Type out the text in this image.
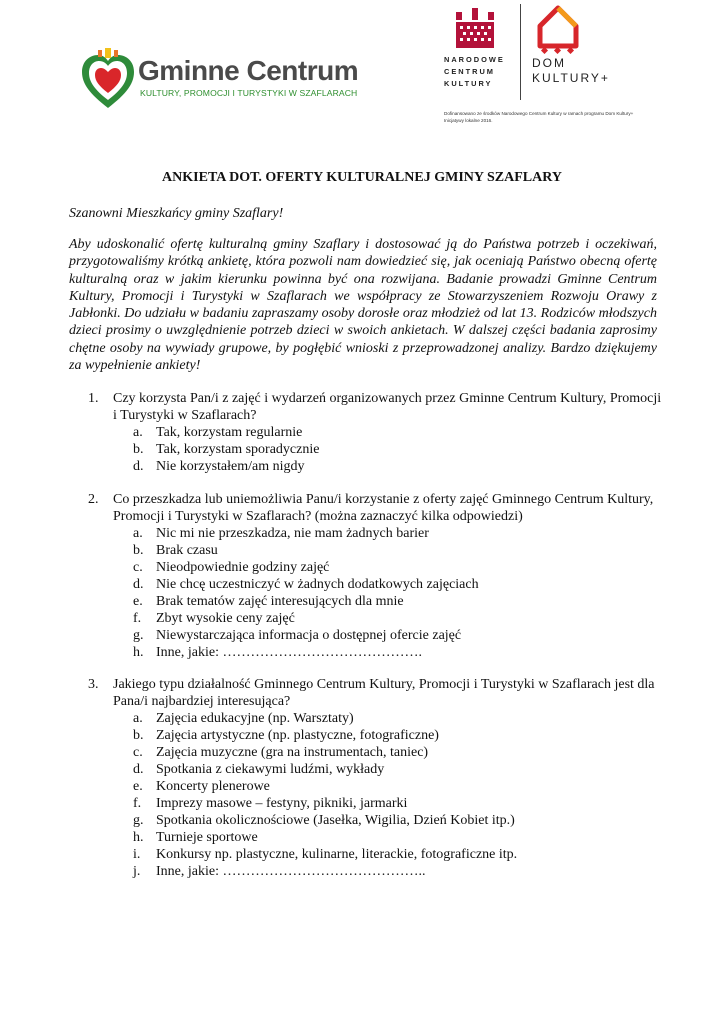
Gminne Centrum
KULTURY, PROMOCJI I TURYSTYKI W SZAFLARACH
NARODOWE
CENTRUM
KULTURY
DOM
KULTURY+
Dofinansowano ze środków Narodowego Centrum Kultury w ramach programu Dom Kultury+ Inicjatywy lokalne 2016.
ANKIETA DOT. OFERTY KULTURALNEJ GMINY SZAFLARY
Szanowni Mieszkańcy gminy Szaflary!

Aby udoskonalić ofertę kulturalną gminy Szaflary i dostosować ją do Państwa potrzeb i oczekiwań, przygotowaliśmy krótką ankietę, która pozwoli nam dowiedzieć się, jak oceniają Państwo obecną ofertę kulturalną oraz w jakim kierunku powinna być ona rozwijana. Badanie prowadzi Gminne Centrum Kultury, Promocji i Turystyki w Szaflarach we współpracy ze Stowarzyszeniem Rozwoju Orawy z Jabłonki. Do udziału w badaniu zapraszamy osoby dorosłe oraz młodzież od lat 13. Rodziców młodszych dzieci prosimy o uwzględnienie potrzeb dzieci w swoich ankietach. W dalszej części badania zaprosimy chętne osoby na wywiady grupowe, by pogłębić wnioski z przeprowadzonej analizy. Bardzo dziękujemy za wypełnienie ankiety!

1.	Czy korzysta Pan/i z zajęć i wydarzeń organizowanych przez Gminne Centrum Kultury, Promocji i Turystyki w Szaflarach?
a. Tak, korzystam regularnie
b. Tak, korzystam sporadycznie
d. Nie korzystałem/am nigdy
2.	Co przeszkadza lub uniemożliwia Panu/i korzystanie z oferty zajęć Gminnego Centrum Kultury, Promocji i Turystyki w Szaflarach? (można zaznaczyć kilka odpowiedzi)
a. Nic mi nie przeszkadza, nie mam żadnych barier
b. Brak czasu
c. Nieodpowiednie godziny zajęć
d. Nie chcę uczestniczyć w żadnych dodatkowych zajęciach
e. Brak tematów zajęć interesujących dla mnie
f.	Zbyt wysokie ceny zajęć
g. Niewystarczająca informacja o dostępnej ofercie zajęć
h. Inne, jakie: …………………………………….
3.	Jakiego typu działalność Gminnego Centrum Kultury, Promocji i Turystyki w Szaflarach jest dla Pana/i najbardziej interesująca?
a. Zajęcia edukacyjne (np. Warsztaty)
b. Zajęcia artystyczne (np. plastyczne, fotograficzne)
c. Zajęcia muzyczne (gra na instrumentach, taniec)
d. Spotkania z ciekawymi ludźmi, wykłady
e. Koncerty plenerowe
f.	Imprezy masowe – festyny, pikniki, jarmarki
g. Spotkania okolicznościowe (Jasełka, Wigilia, Dzień Kobiet itp.)
h. Turnieje sportowe
i.	Konkursy np. plastyczne, kulinarne, literackie, fotograficzne itp.
j.	Inne, jakie: ……………………………………..
